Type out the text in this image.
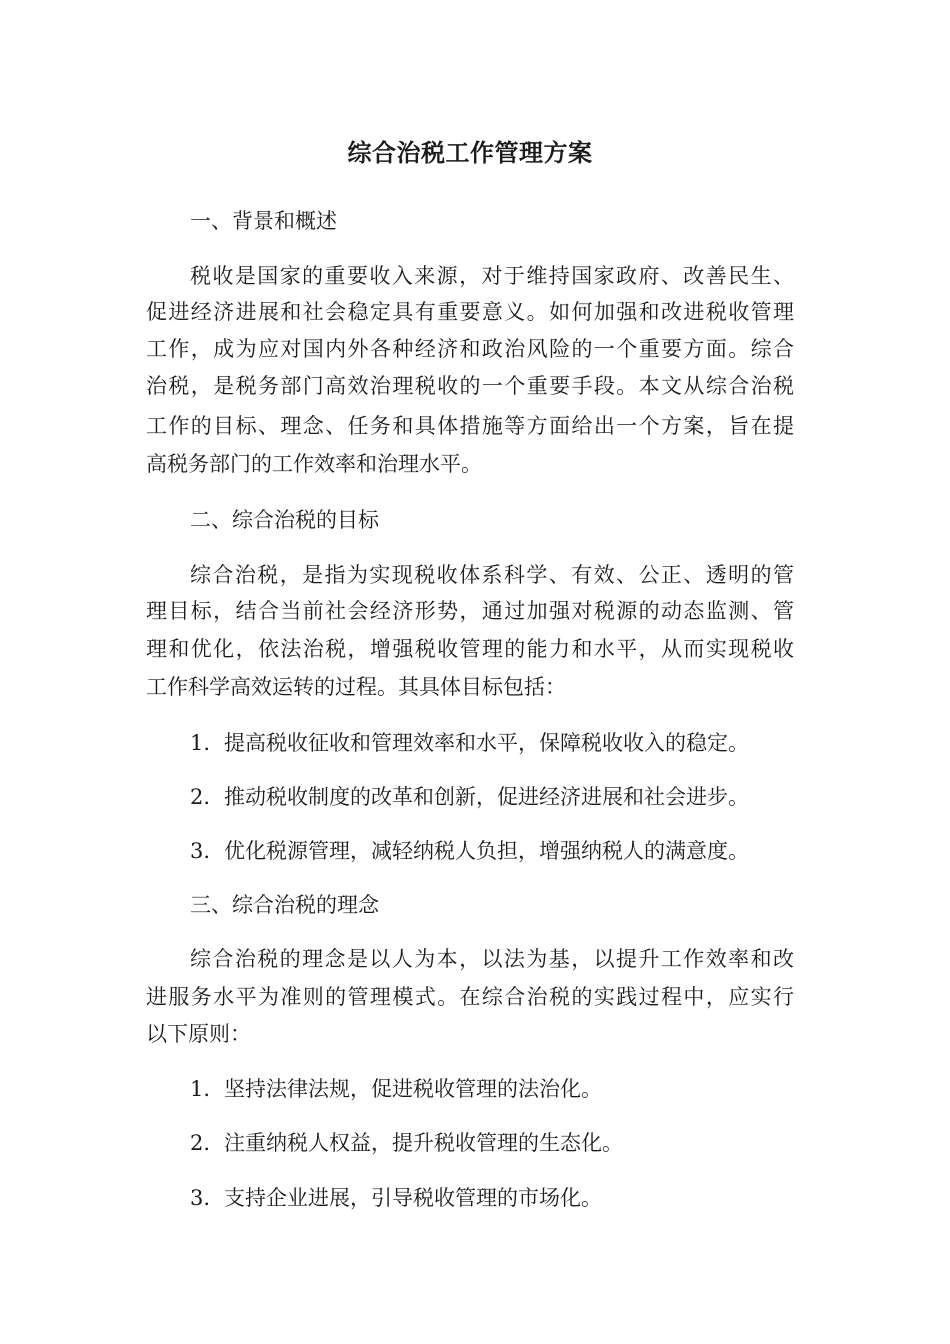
综合治税工作管理方案

一、背景和概述

税收是国家的重要收入来源，对于维持国家政府、改善民生、

促进经济进展和社会稳定具有重要意义。如何加强和改进税收管理

工作，成为应对国内外各种经济和政治风险的一个重要方面。综合

治税，是税务部门高效治理税收的一个重要手段。本文从综合治税

工作的目标、理念、任务和具体措施等方面给出一个方案，旨在提

高税务部门的工作效率和治理水平。

二、综合治税的目标

综合治税，是指为实现税收体系科学、有效、公正、透明的管

理目标，结合当前社会经济形势，通过加强对税源的动态监测、管

理和优化，依法治税，增强税收管理的能力和水平，从而实现税收

工作科学高效运转的过程。其具体目标包括：

1. 提高税收征收和管理效率和水平，保障税收收入的稳定。

2. 推动税收制度的改革和创新，促进经济进展和社会进步。

3. 优化税源管理，减轻纳税人负担，增强纳税人的满意度。

三、综合治税的理念

综合治税的理念是以人为本，以法为基，以提升工作效率和改

进服务水平为准则的管理模式。在综合治税的实践过程中，应实行

以下原则：

1. 坚持法律法规，促进税收管理的法治化。

2. 注重纳税人权益，提升税收管理的生态化。

3. 支持企业进展，引导税收管理的市场化。
